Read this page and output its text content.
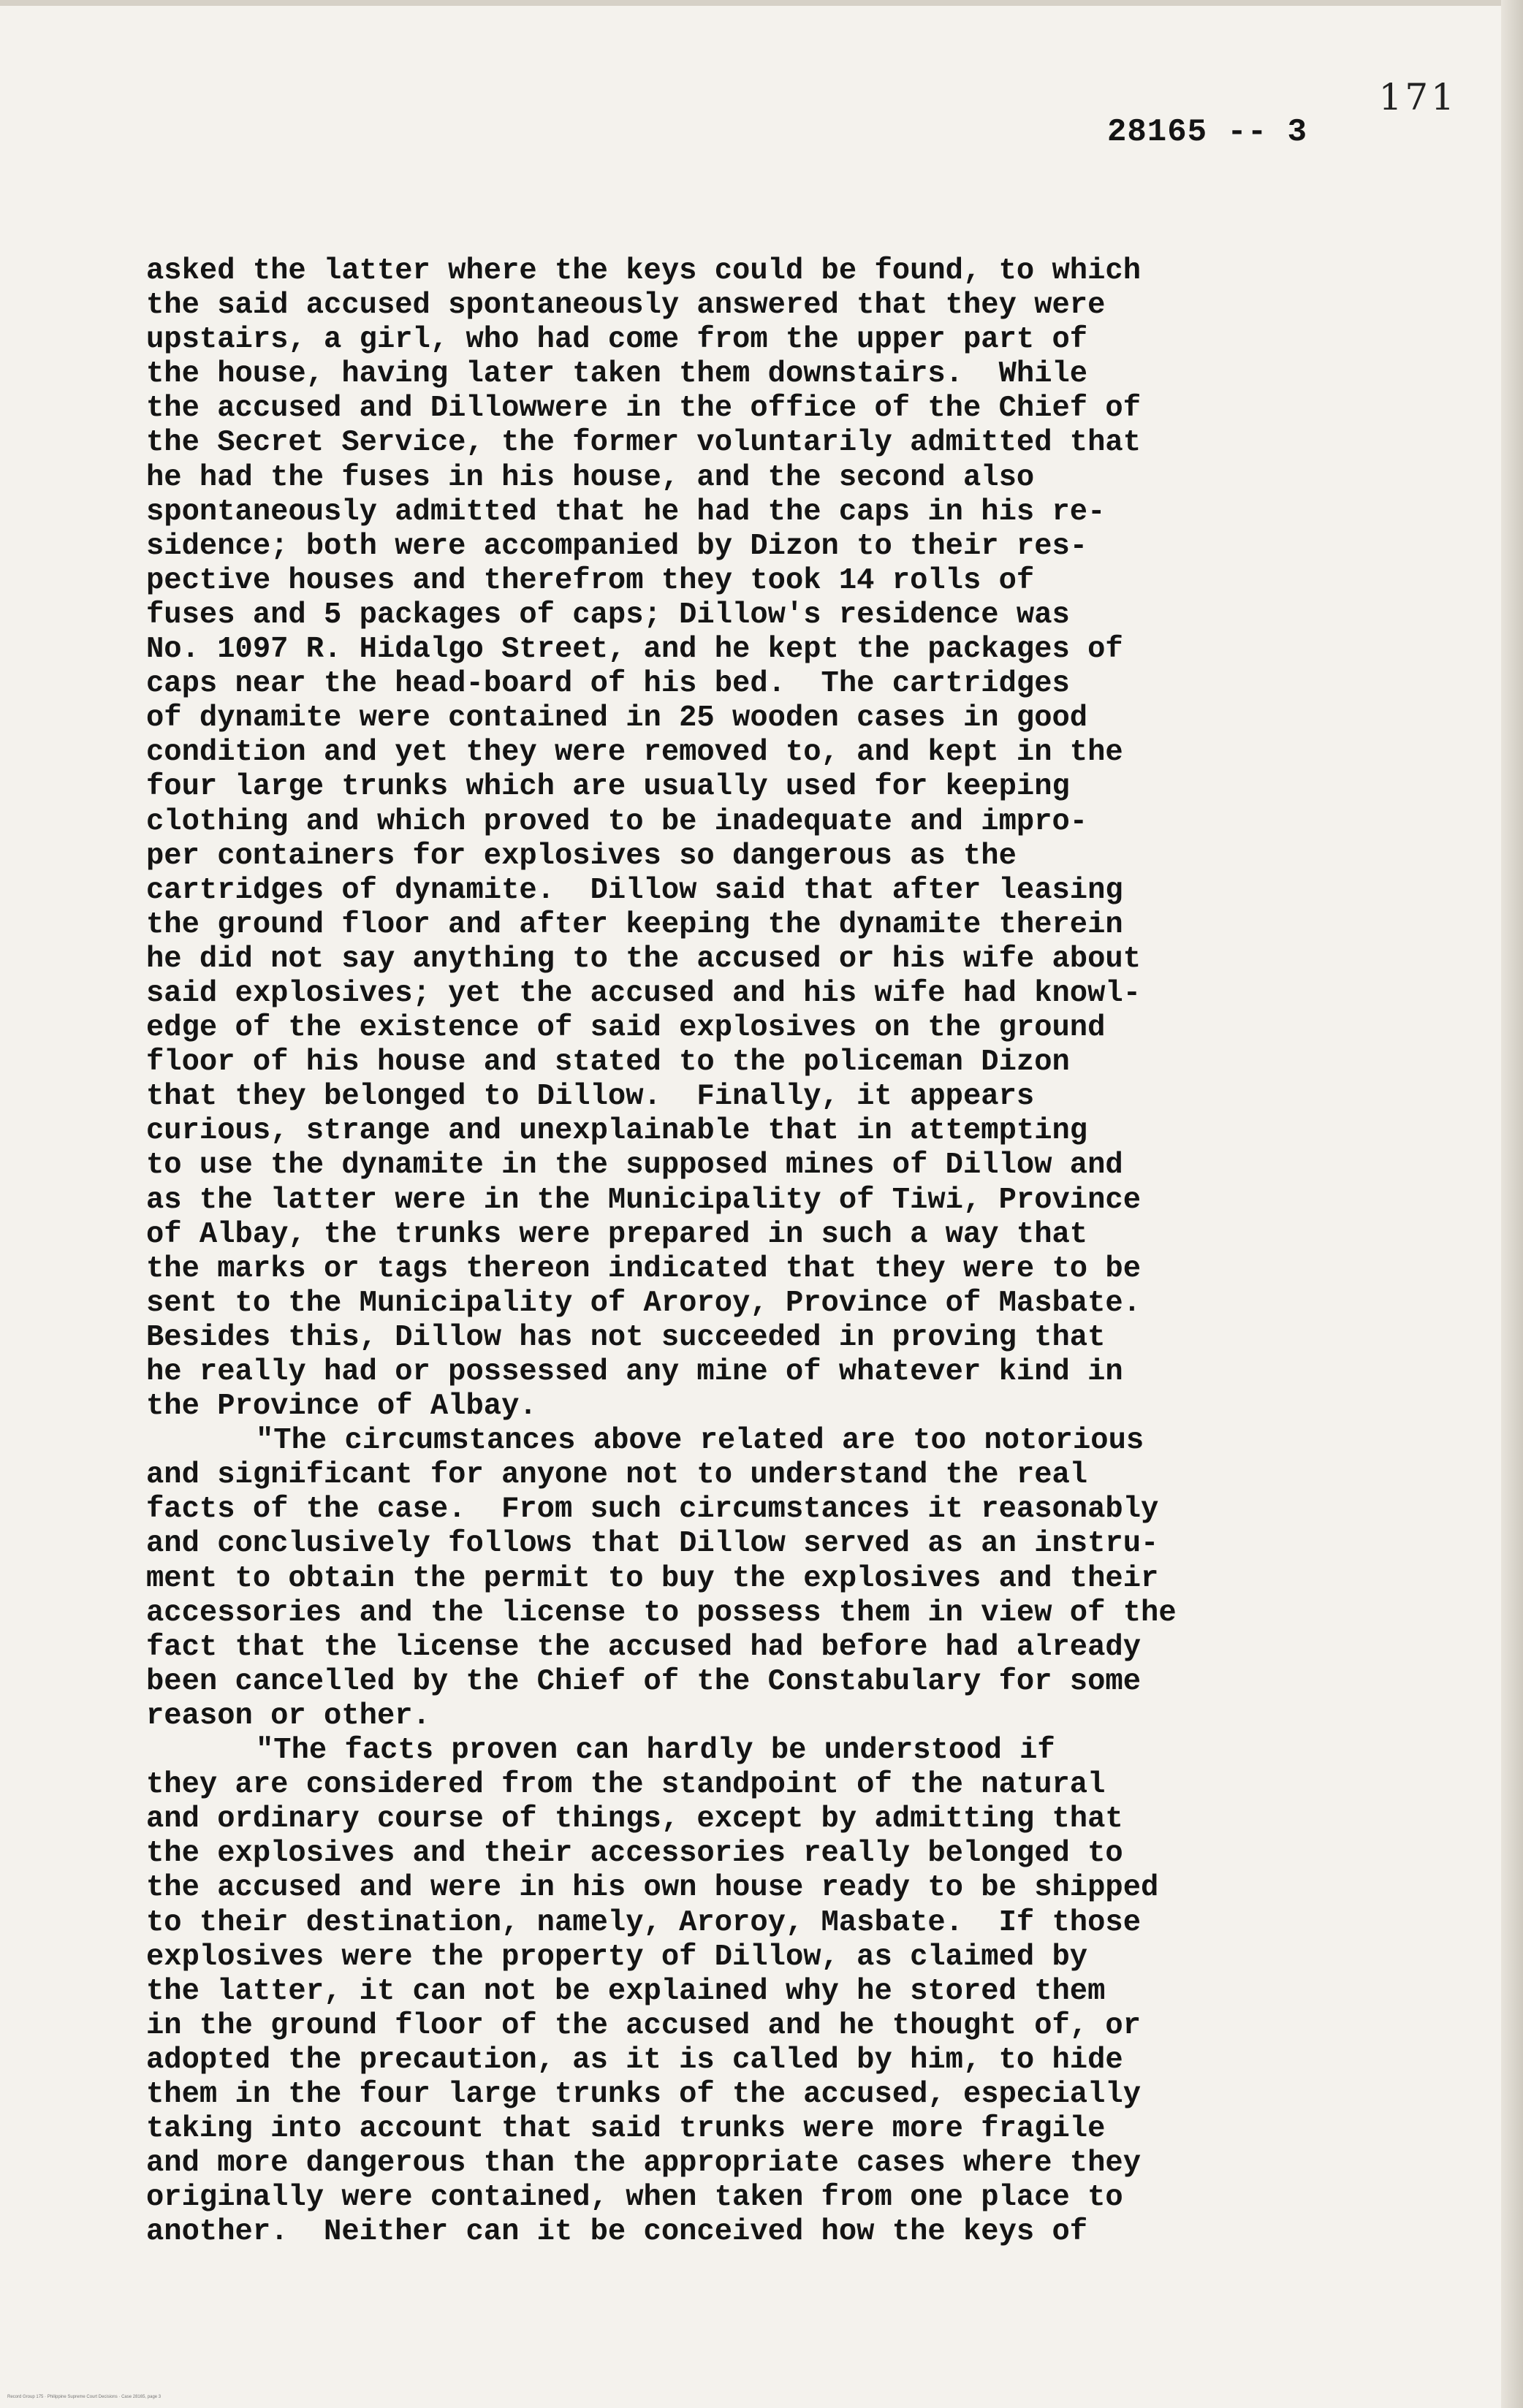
171
28165 -- 3
asked the latter where the keys could be found, to which
the said accused spontaneously answered that they were
upstairs, a girl, who had come from the upper part of
the house, having later taken them downstairs.  While
the accused and Dillowwere in the office of the Chief of
the Secret Service, the former voluntarily admitted that
he had the fuses in his house, and the second also
spontaneously admitted that he had the caps in his re-
sidence; both were accompanied by Dizon to their res-
pective houses and therefrom they took 14 rolls of
fuses and 5 packages of caps; Dillow's residence was
No. 1097 R. Hidalgo Street, and he kept the packages of
caps near the head-board of his bed.  The cartridges
of dynamite were contained in 25 wooden cases in good
condition and yet they were removed to, and kept in the
four large trunks which are usually used for keeping
clothing and which proved to be inadequate and impro-
per containers for explosives so dangerous as the
cartridges of dynamite.  Dillow said that after leasing
the ground floor and after keeping the dynamite therein
he did not say anything to the accused or his wife about
said explosives; yet the accused and his wife had knowl-
edge of the existence of said explosives on the ground
floor of his house and stated to the policeman Dizon
that they belonged to Dillow.  Finally, it appears
curious, strange and unexplainable that in attempting
to use the dynamite in the supposed mines of Dillow and
as the latter were in the Municipality of Tiwi, Province
of Albay, the trunks were prepared in such a way that
the marks or tags thereon indicated that they were to be
sent to the Municipality of Aroroy, Province of Masbate.
Besides this, Dillow has not succeeded in proving that
he really had or possessed any mine of whatever kind in
the Province of Albay.
"The circumstances above related are too notorious
and significant for anyone not to understand the real
facts of the case.  From such circumstances it reasonably
and conclusively follows that Dillow served as an instru-
ment to obtain the permit to buy the explosives and their
accessories and the license to possess them in view of the
fact that the license the accused had before had already
been cancelled by the Chief of the Constabulary for some
reason or other.
"The facts proven can hardly be understood if
they are considered from the standpoint of the natural
and ordinary course of things, except by admitting that
the explosives and their accessories really belonged to
the accused and were in his own house ready to be shipped
to their destination, namely, Aroroy, Masbate.  If those
explosives were the property of Dillow, as claimed by
the latter, it can not be explained why he stored them
in the ground floor of the accused and he thought of, or
adopted the precaution, as it is called by him, to hide
them in the four large trunks of the accused, especially
taking into account that said trunks were more fragile
and more dangerous than the appropriate cases where they
originally were contained, when taken from one place to
another.  Neither can it be conceived how the keys of
Record Group 175 · Philippine Supreme Court Decisions · Case 28165, page 3
